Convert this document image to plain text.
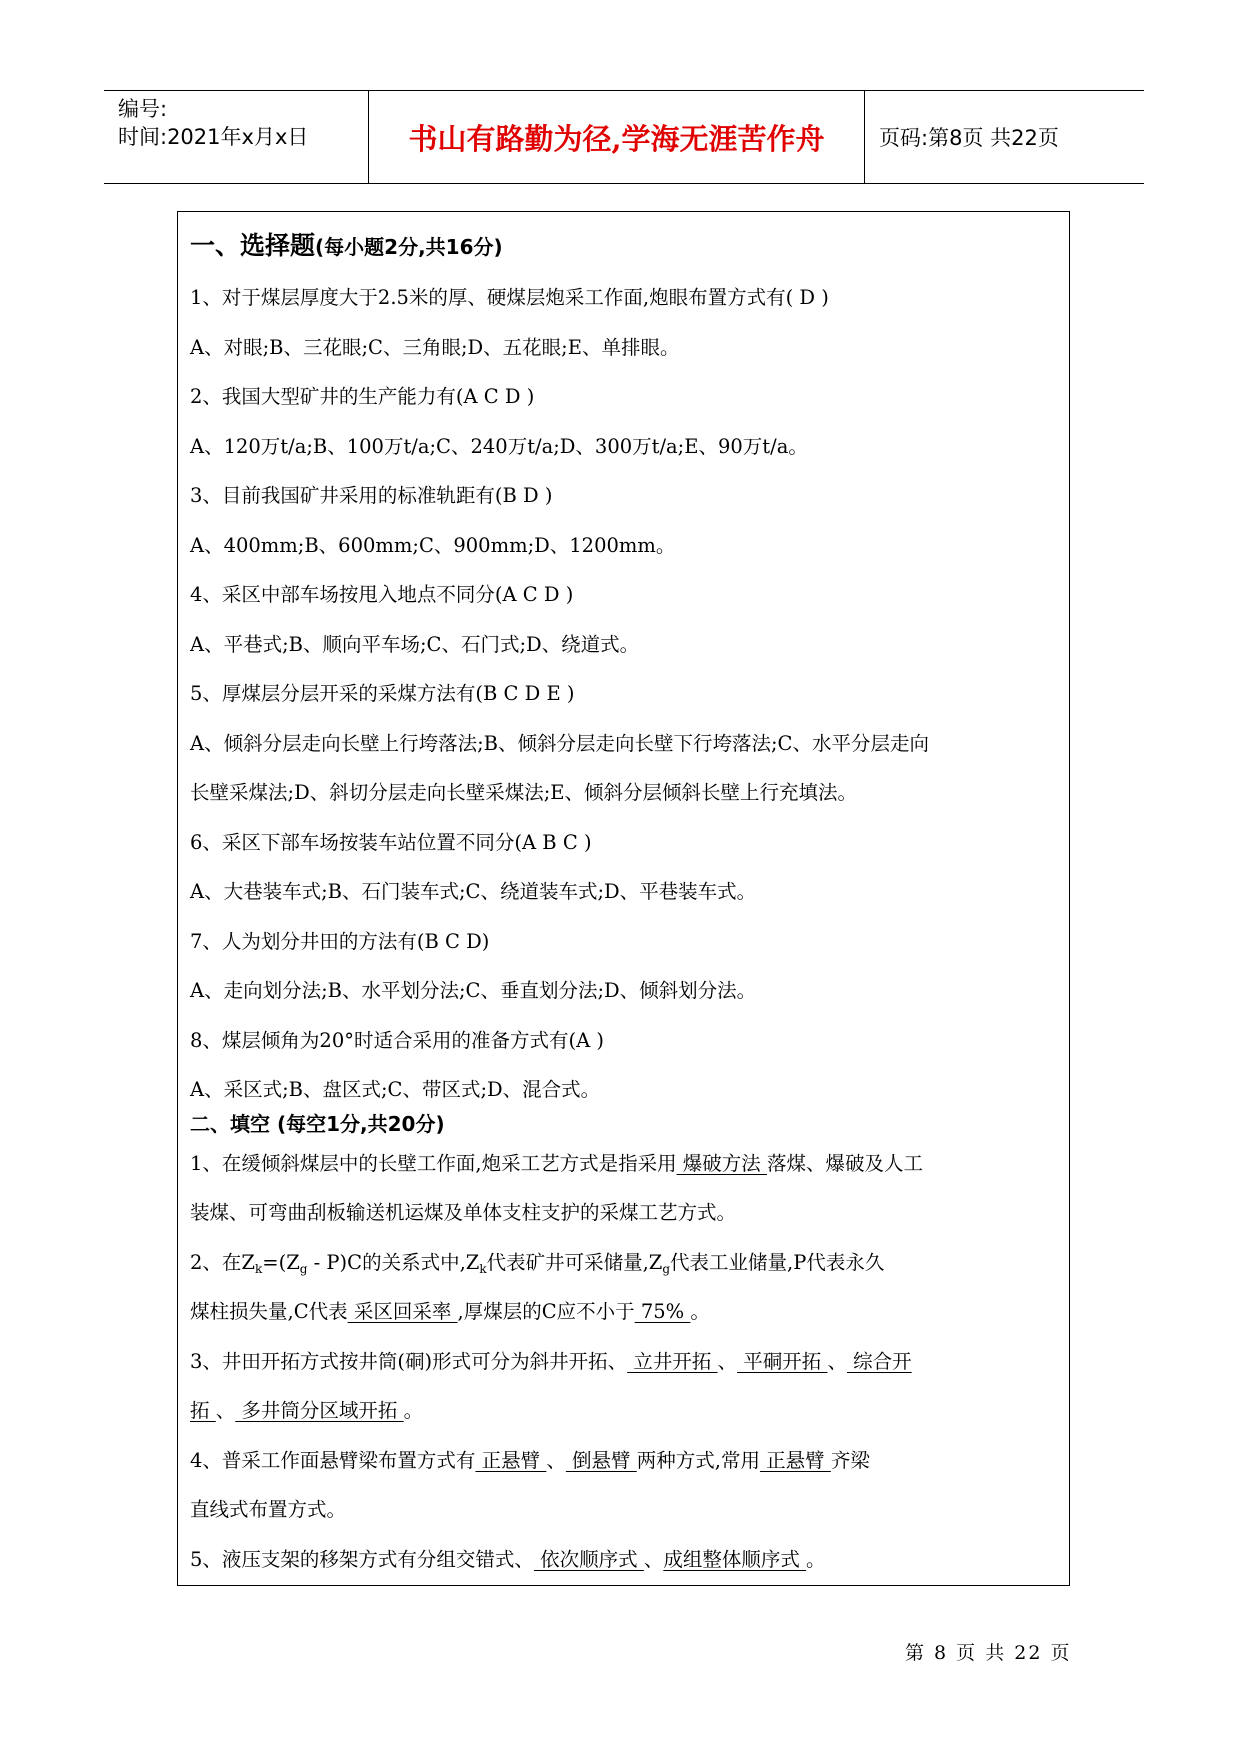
编号:
时间:2021年x月x日	书山有路勤为径,学海无涯苦作舟	页码:第8页 共22页
一、选择题(每小题2分,共16分)
1、对于煤层厚度大于2.5米的厚、硬煤层炮采工作面,炮眼布置方式有( D )
A、对眼;B、三花眼;C、三角眼;D、五花眼;E、单排眼。
2、我国大型矿井的生产能力有(A C D )
A、120万t/a;B、100万t/a;C、240万t/a;D、300万t/a;E、90万t/a。
3、目前我国矿井采用的标准轨距有(B D )
A、400mm;B、600mm;C、900mm;D、1200mm。
4、采区中部车场按甩入地点不同分(A C D )
A、平巷式;B、顺向平车场;C、石门式;D、绕道式。
5、厚煤层分层开采的采煤方法有(B C D E )
A、倾斜分层走向长壁上行垮落法;B、倾斜分层走向长壁下行垮落法;C、水平分层走向
长壁采煤法;D、斜切分层走向长壁采煤法;E、倾斜分层倾斜长壁上行充填法。
6、采区下部车场按装车站位置不同分(A B C )
A、大巷装车式;B、石门装车式;C、绕道装车式;D、平巷装车式。
7、人为划分井田的方法有(B C D)
A、走向划分法;B、水平划分法;C、垂直划分法;D、倾斜划分法。
8、煤层倾角为20°时适合采用的准备方式有(A )
A、采区式;B、盘区式;C、带区式;D、混合式。
二、填空 (每空1分,共20分)
1、在缓倾斜煤层中的长壁工作面,炮采工艺方式是指采用 爆破方法 落煤、爆破及人工
装煤、可弯曲刮板输送机运煤及单体支柱支护的采煤工艺方式。
2、在$Z_k=(Z_g - P)C$的关系式中$,Z_k$代表矿井可采储量$,Z_g$代表工业储量,P代表永久
煤柱损失量,C代表 采区回采率 ,厚煤层的C应不小于 75% 。
3、井田开拓方式按井筒(硐)形式可分为斜井开拓、 立井开拓 、 平硐开拓 、 综合开
拓 、 多井筒分区域开拓 。
4、普采工作面悬臂梁布置方式有 正悬臂 、 倒悬臂 两种方式,常用 正悬臂 齐梁
直线式布置方式。
5、液压支架的移架方式有分组交错式、 依次顺序式 、成组整体顺序式 。
第 8 页 共 22 页
